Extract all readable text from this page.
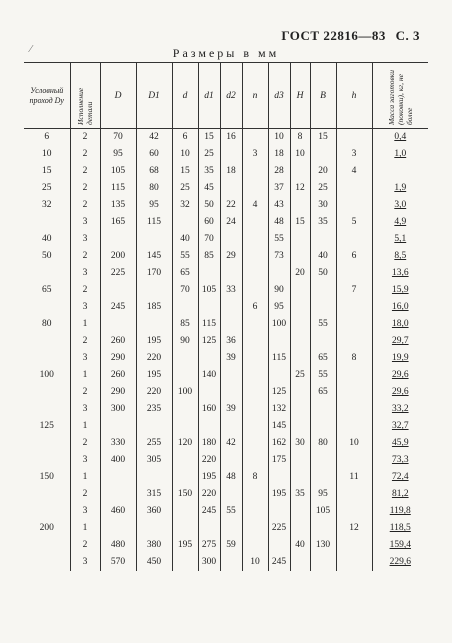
ГОСТ 22816—83 С. 3
⁄	Размеры в мм
Условный проход Dy	Исполнение детали	D	D1	d	d1	d2	n	d3	H	B	h	Масса заготовки (поковки), кг, не более
6	2	70	42	6	15	16		10	8	15		0,4
10	2	95	60	10	25		3	18	10		3	1,0
15	2	105	68	15	35	18		28		20	4	
25	2	115	80	25	45			37	12	25		1,9
32	2	135	95	32	50	22	4	43		30		3,0
	3	165	115		60	24		48	15	35	5	4,9
40	3			40	70			55				5,1
50	2	200	145	55	85	29		73		40	6	8,5
	3	225	170	65					20	50		13,6
65	2			70	105	33		90			7	15,9
	3	245	185				6	95				16,0
80	1			85	115			100		55		18,0
	2	260	195	90	125	36						29,7
	3	290	220			39		115		65	8	19,9
100	1	260	195		140				25	55		29,6
	2	290	220	100				125		65		29,6
	3	300	235		160	39		132				33,2
125	1							145				32,7
	2	330	255	120	180	42		162	30	80	10	45,9
	3	400	305		220			175				73,3
150	1				195	48	8				11	72,4
	2		315	150	220			195	35	95		81,2
	3	460	360		245	55				105		119,8
200	1							225			12	118,5
	2	480	380	195	275	59			40	130		159,4
	3	570	450		300		10	245				229,6
